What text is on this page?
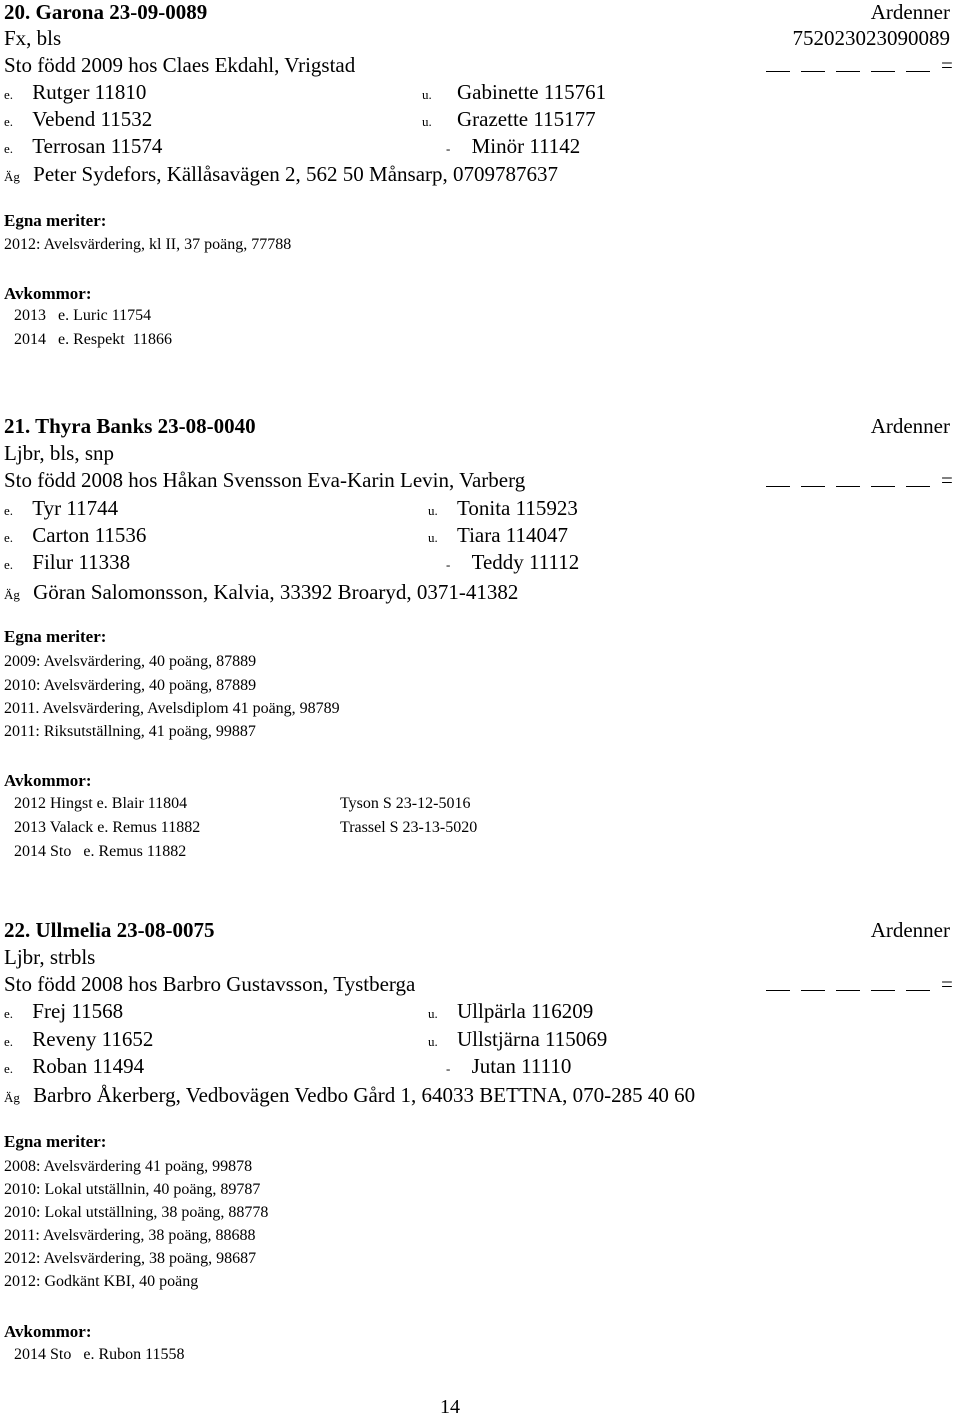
20. Garona 23-09-0089	Ardenner
Fx, bls	752023023090089
Sto född 2009 hos Claes Ekdahl, Vrigstad	=
e. Rutger 11810	u. Gabinette 115761
e. Vebend 11532	u. Grazette 115177
e. Terrosan 11574	- Minör 11142
Äg Peter Sydefors, Källåsavägen 2, 562 50 Månsarp, 0709787637
Egna meriter:
2012: Avelsvärdering, kl II, 37 poäng, 77788
Avkommor:
2013   e. Luric 11754
2014   e. Respekt  11866
21. Thyra Banks 23-08-0040	Ardenner
Ljbr, bls, snp
Sto född 2008 hos Håkan Svensson Eva-Karin Levin, Varberg	=
e. Tyr 11744	u. Tonita 115923
e. Carton 11536	u. Tiara 114047
e. Filur 11338	- Teddy 11112
Äg Göran Salomonsson, Kalvia, 33392 Broaryd, 0371-41382
Egna meriter:
2009: Avelsvärdering, 40 poäng, 87889
2010: Avelsvärdering, 40 poäng, 87889
2011. Avelsvärdering, Avelsdiplom 41 poäng, 98789
2011: Riksutställning, 41 poäng, 99887
Avkommor:
2012 Hingst e. Blair 11804	Tyson S 23-12-5016
2013 Valack e. Remus 11882	Trassel S 23-13-5020
2014 Sto   e. Remus 11882
22. Ullmelia 23-08-0075	Ardenner
Ljbr, strbls
Sto född 2008 hos Barbro Gustavsson, Tystberga	=
e. Frej 11568	u. Ullpärla 116209
e. Reveny 11652	u. Ullstjärna 115069
e. Roban 11494	- Jutan 11110
Äg Barbro Åkerberg, Vedbovägen Vedbo Gård 1, 64033 BETTNA, 070-285 40 60
Egna meriter:
2008: Avelsvärdering 41 poäng, 99878
2010: Lokal utställnin, 40 poäng, 89787
2010: Lokal utställning, 38 poäng, 88778
2011: Avelsvärdering, 38 poäng, 88688
2012: Avelsvärdering, 38 poäng, 98687
2012: Godkänt KBI, 40 poäng
Avkommor:
2014 Sto   e. Rubon 11558
14
